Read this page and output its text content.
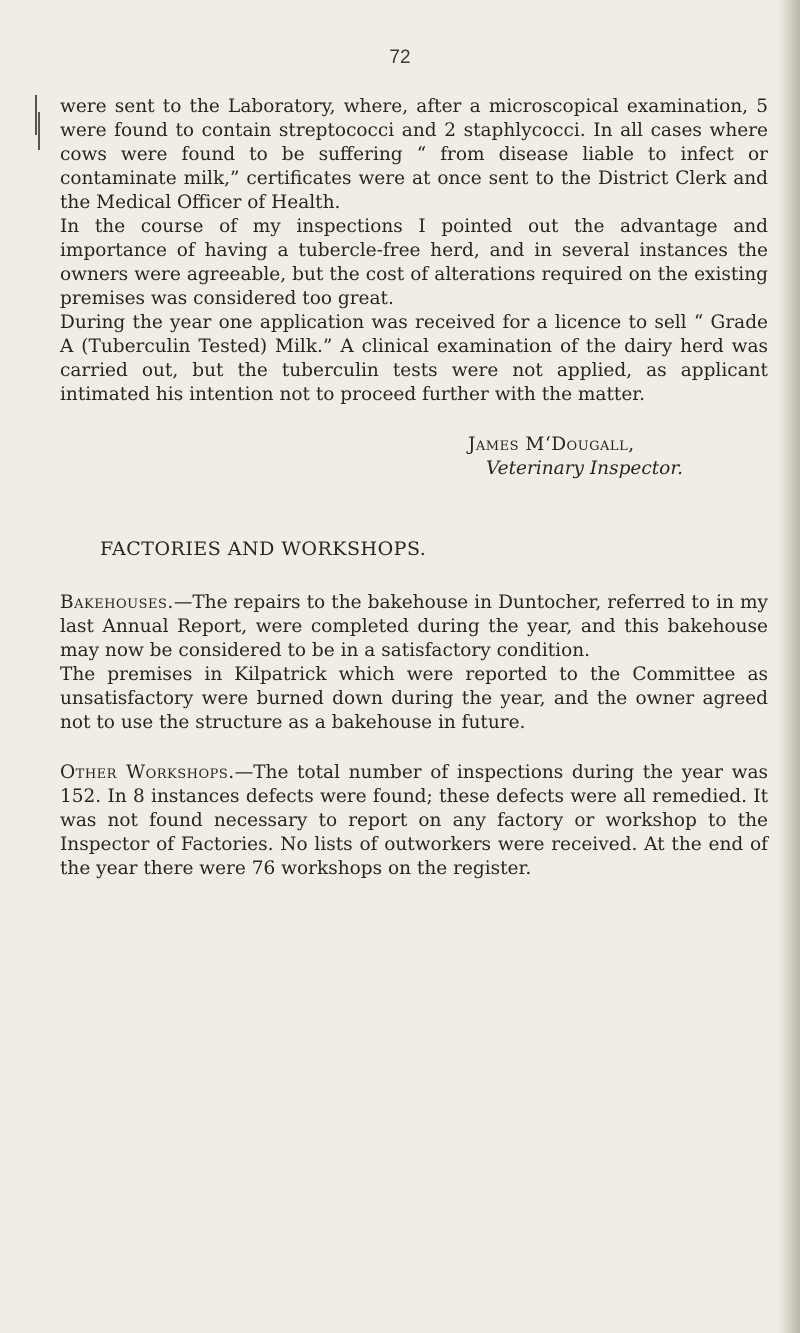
72

were sent to the Laboratory, where, after a microscopical examination, 5 were found to contain streptococci and 2 staphlycocci. In all cases where cows were found to be suffering “ from disease liable to infect or contaminate milk,” certificates were at once sent to the District Clerk and the Medical Officer of Health.

In the course of my inspections I pointed out the advantage and importance of having a tubercle-free herd, and in several instances the owners were agreeable, but the cost of alterations required on the existing premises was considered too great.

During the year one application was received for a licence to sell “ Grade A (Tuberculin Tested) Milk.” A clinical examination of the dairy herd was carried out, but the tuberculin tests were not applied, as applicant intimated his intention not to proceed further with the matter.

James M‘Dougall,
Veterinary Inspector.

FACTORIES AND WORKSHOPS.

Bakehouses.—The repairs to the bakehouse in Duntocher, referred to in my last Annual Report, were completed during the year, and this bakehouse may now be considered to be in a satisfactory condition.

The premises in Kilpatrick which were reported to the Committee as unsatisfactory were burned down during the year, and the owner agreed not to use the structure as a bakehouse in future.

Other Workshops.—The total number of inspections during the year was 152. In 8 instances defects were found; these defects were all remedied. It was not found necessary to report on any factory or workshop to the Inspector of Factories. No lists of outworkers were received. At the end of the year there were 76 workshops on the register.
